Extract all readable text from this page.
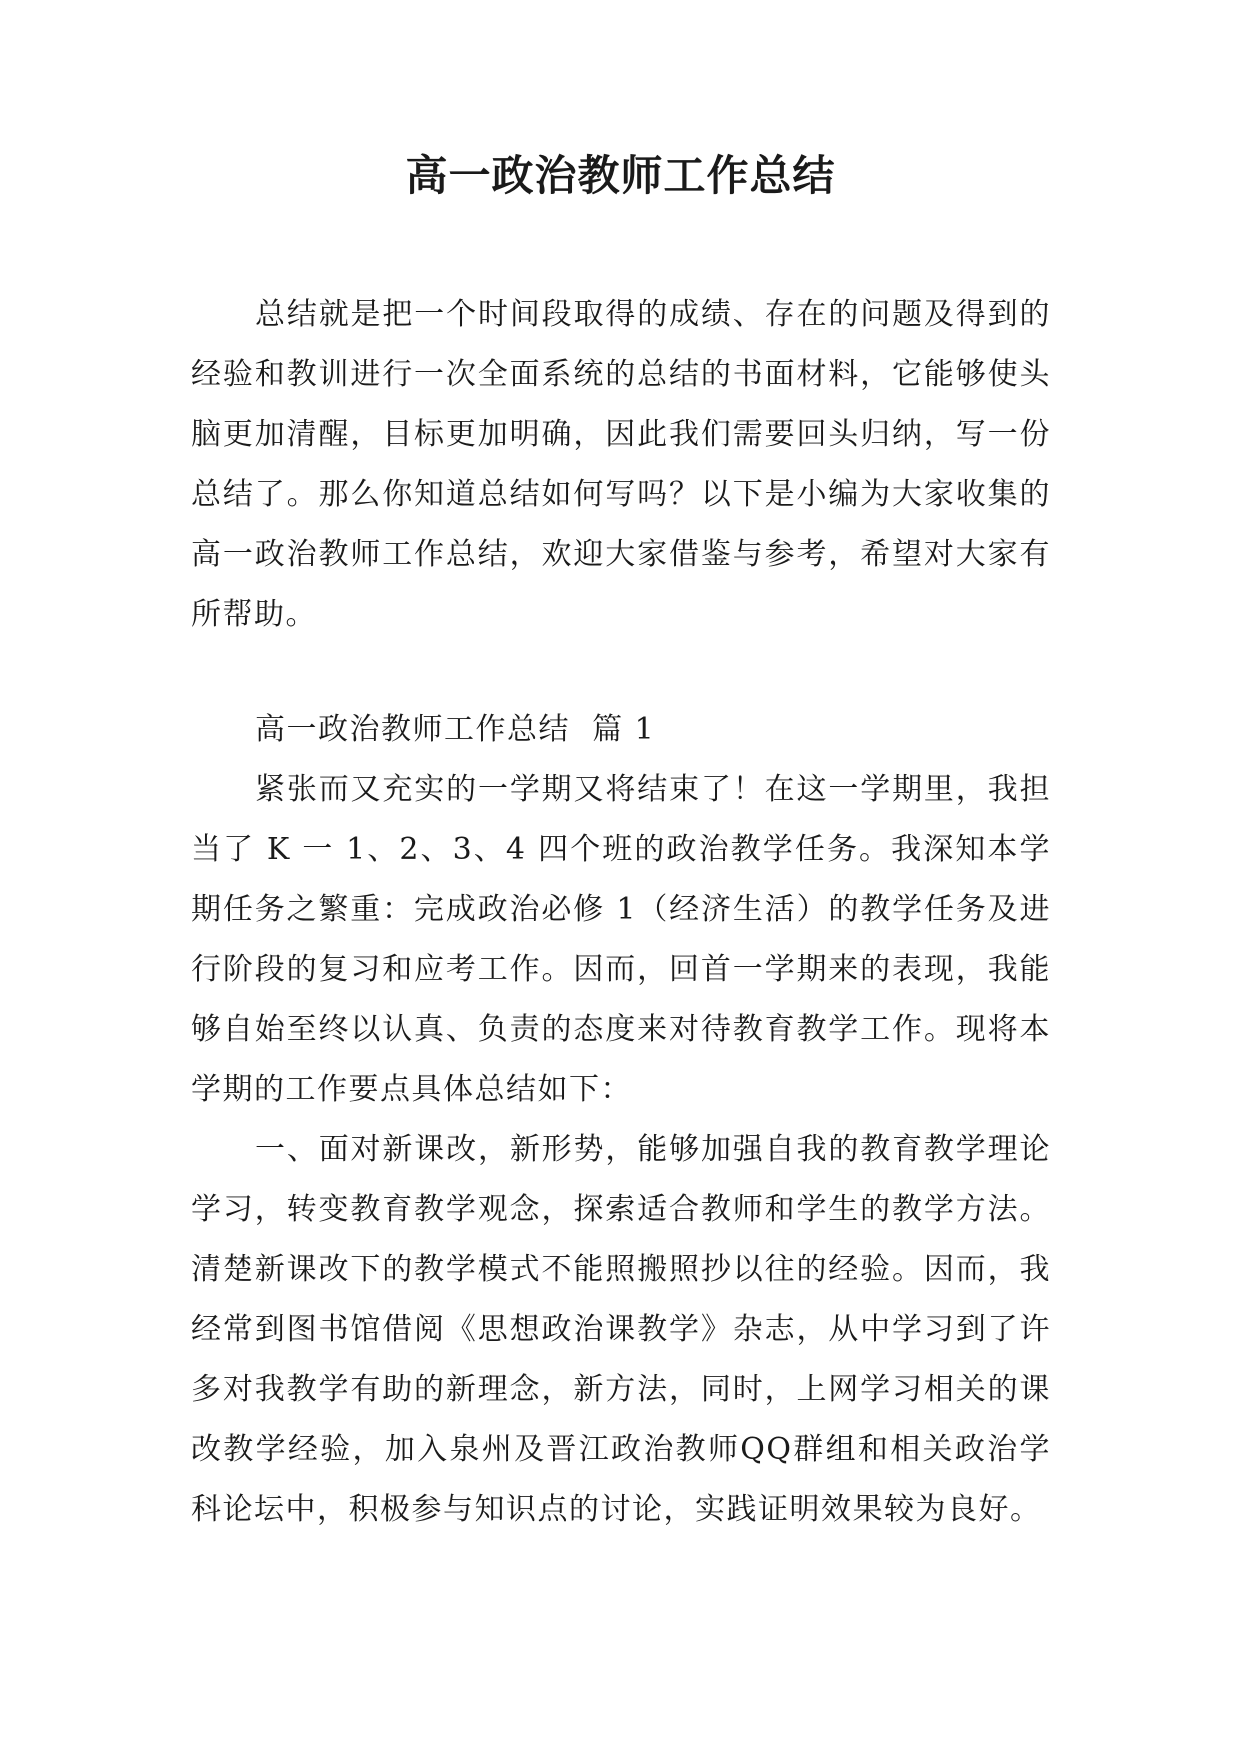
高一政治教师工作总结

总结就是把一个时间段取得的成绩、存在的问题及得到的经验和教训进行一次全面系统的总结的书面材料，它能够使头脑更加清醒，目标更加明确，因此我们需要回头归纳，写一份总结了。那么你知道总结如何写吗？以下是小编为大家收集的高一政治教师工作总结，欢迎大家借鉴与参考，希望对大家有所帮助。

高一政治教师工作总结  篇 1

紧张而又充实的一学期又将结束了！在这一学期里，我担当了 K 一 1、2、3、4 四个班的政治教学任务。我深知本学期任务之繁重：完成政治必修 1（经济生活）的教学任务及进行阶段的复习和应考工作。因而，回首一学期来的表现，我能够自始至终以认真、负责的态度来对待教育教学工作。现将本学期的工作要点具体总结如下：

一、面对新课改，新形势，能够加强自我的教育教学理论学习，转变教育教学观念，探索适合教师和学生的教学方法。清楚新课改下的教学模式不能照搬照抄以往的经验。因而，我经常到图书馆借阅《思想政治课教学》杂志，从中学习到了许多对我教学有助的新理念，新方法，同时，上网学习相关的课改教学经验，加入泉州及晋江政治教师QQ群组和相关政治学科论坛中，积极参与知识点的讨论，实践证明效果较为良好。
